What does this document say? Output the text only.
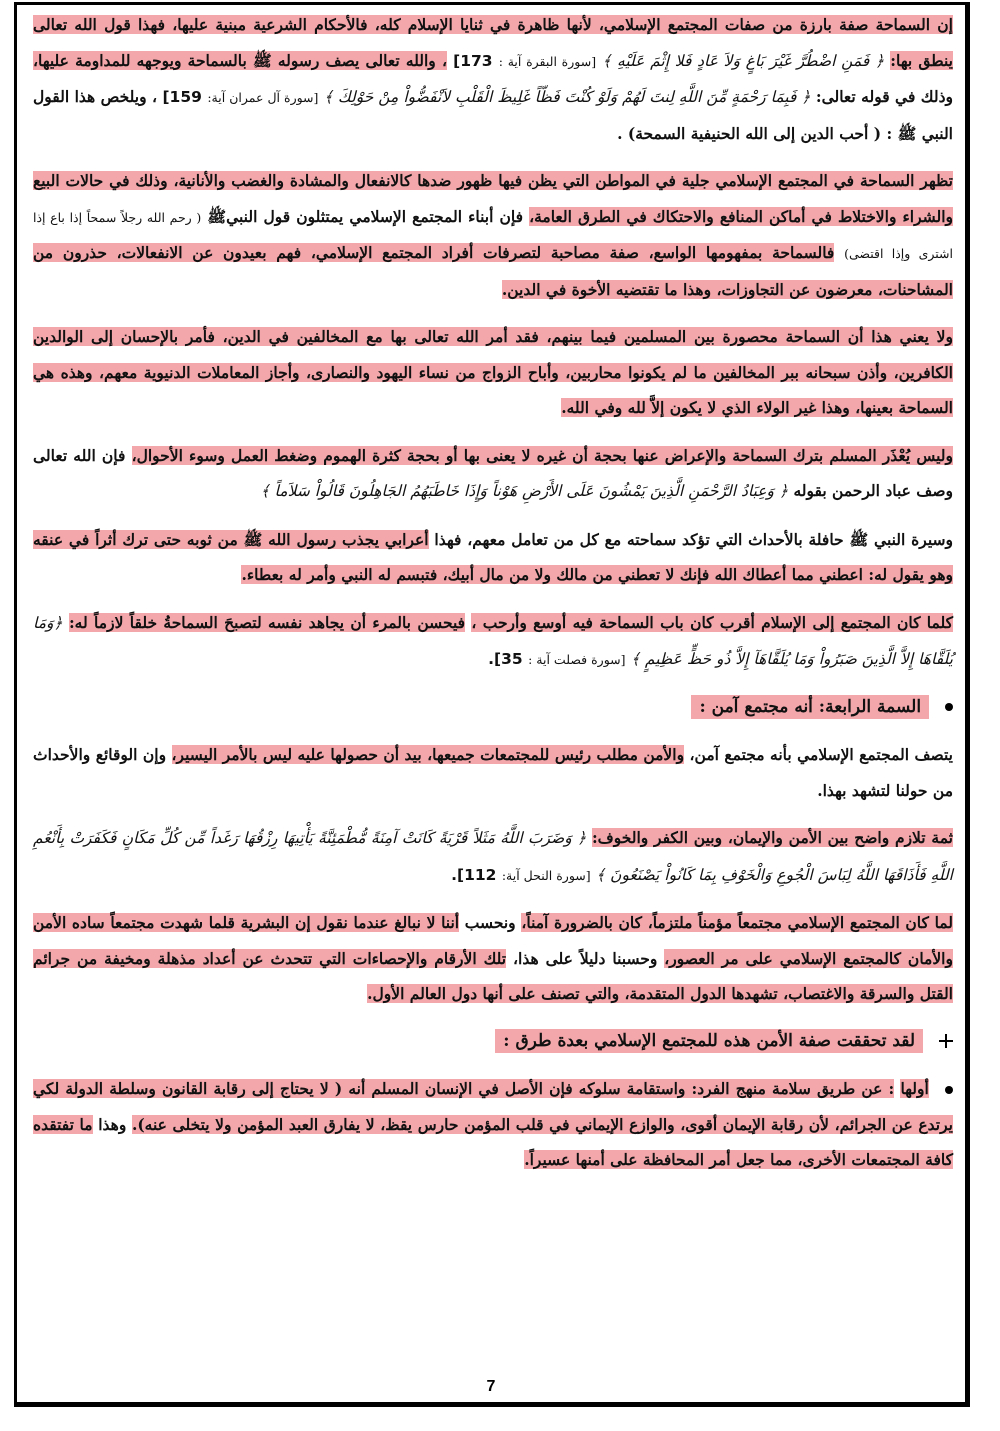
إن السماحة صفة بارزة من صفات المجتمع الإسلامي، لأنها ظاهرة في ثنايا الإسلام كله، فالأحكام الشرعية مبنية عليها، فهذا قول الله تعالى ينطق بها: ﴿ فَمَنِ اضْطُرَّ غَيْرَ بَاغٍ وَلاَ عَادٍ فَلا إِثْمَ عَلَيْهِ ﴾ [سورة البقرة آية : 173] ، والله تعالى يصف رسوله ﷺ بالسماحة ويوجهه للمداومة عليها، وذلك في قوله تعالى: ﴿ فَبِمَا رَحْمَةٍ مِّنَ اللَّهِ لِنتَ لَهُمْ وَلَوْ كُنْتَ فَظّاً غَلِيظَ الْقَلْبِ لاَنْفَضُّواْ مِنْ حَوْلِكَ ﴾ [سورة آل عمران آية: 159] ، ويلخص هذا القول النبي ﷺ : ( أحب الدين إلى الله الحنيفية السمحة) .

تظهر السماحة في المجتمع الإسلامي جلية في المواطن التي يظن فيها ظهور ضدها كالانفعال والمشادة والغضب والأنانية، وذلك في حالات البيع والشراء والاختلاط في أماكن المنافع والاحتكاك في الطرق العامة، فإن أبناء المجتمع الإسلامي يمتثلون قول النبيﷺ ( رحم الله رجلاً سمحاً إذا باع إذا اشترى وإذا اقتضى) فالسماحة بمفهومها الواسع، صفة مصاحبة لتصرفات أفراد المجتمع الإسلامي، فهم بعيدون عن الانفعالات، حذرون من المشاحنات، معرضون عن التجاوزات، وهذا ما تقتضيه الأخوة في الدين.

ولا يعني هذا أن السماحة محصورة بين المسلمين فيما بينهم، فقد أمر الله تعالى بها مع المخالفين في الدين، فأمر بالإحسان إلى الوالدين الكافرين، وأذن سبحانه ببر المخالفين ما لم يكونوا محاربين، وأباح الزواج من نساء اليهود والنصارى، وأجاز المعاملات الدنيوية معهم، وهذه هي السماحة بعينها، وهذا غير الولاء الذي لا يكون إلاَّ لله وفي الله.

وليس يُعْذَر المسلم بترك السماحة والإعراض عنها بحجة أن غيره لا يعنى بها أو بحجة كثرة الهموم وضغط العمل وسوء الأحوال، فإن الله تعالى وصف عباد الرحمن بقوله ﴿ وَعِبَادُ الرَّحْمَنِ الَّذِينَ يَمْشُونَ عَلَى الأَرْضِ هَوْناً وَإِذَا خَاطَبَهُمُ الجَاهِلُونَ قَالُواْ سَلاَماً ﴾

وسيرة النبي ﷺ حافلة بالأحداث التي تؤكد سماحته مع كل من تعامل معهم، فهذا أعرابي يجذب رسول الله ﷺ من ثوبه حتى ترك أثراً في عنقه وهو يقول له: اعطني مما أعطاك الله فإنك لا تعطني من مالك ولا من مال أبيك، فتبسم له النبي وأمر له بعطاء.

كلما كان المجتمع إلى الإسلام أقرب كان باب السماحة فيه أوسع وأرحب ، فيحسن بالمرء أن يجاهد نفسه لتصبحَ السماحةُ خلقاً لازماً له: ﴿وَمَا يُلَقَّاهَا إِلاَّ الَّذِينَ صَبَرُواْ وَمَا يُلَقَّاهَآ إِلاَّ ذُو حَظٍّ عَظِيمٍ ﴾ [سورة فصلت آية : 35].

السمة الرابعة: أنه مجتمع آمن :

يتصف المجتمع الإسلامي بأنه مجتمع آمن، والأمن مطلب رئيس للمجتمعات جميعها، بيد أن حصولها عليه ليس بالأمر اليسير، وإن الوقائع والأحداث من حولنا لتشهد بهذا.

ثمة تلازم واضح بين الأمن والإيمان، وبين الكفر والخوف: ﴿ وَضَرَبَ اللَّهُ مَثَلاً قَرْيَةً كَانَتْ آمِنَةً مُّطْمَئِنَّةً يَأْتِيهَا رِزْقُهَا رَغَداً مِّن كُلِّ مَكَانٍ فَكَفَرَتْ بِأَنْعُمِ اللَّهِ فَأَذَاقَهَا اللَّهُ لِبَاسَ الْجُوعِ وَالْخَوْفِ بِمَا كَانُواْ يَصْنَعُونَ ﴾ [سورة النحل آية: 112].

لما كان المجتمع الإسلامي مجتمعاً مؤمناً ملتزماً، كان بالضرورة آمناً، ونحسب أننا لا نبالغ عندما نقول إن البشرية قلما شهدت مجتمعاً ساده الأمن والأمان كالمجتمع الإسلامي على مر العصور، وحسبنا دليلاً على هذا، تلك الأرقام والإحصاءات التي تتحدث عن أعداد مذهلة ومخيفة من جرائم القتل والسرقة والاغتصاب، تشهدها الدول المتقدمة، والتي تصنف على أنها دول العالم الأول.

لقد تحققت صفة الأمن هذه للمجتمع الإسلامي بعدة طرق :

أولها : عن طريق سلامة منهج الفرد: واستقامة سلوكه فإن الأصل في الإنسان المسلم أنه ( لا يحتاج إلى رقابة القانون وسلطة الدولة لكي يرتدع عن الجرائم، لأن رقابة الإيمان أقوى، والوازع الإيماني في قلب المؤمن حارس يقظ، لا يفارق العبد المؤمن ولا يتخلى عنه). وهذا ما تفتقده كافة المجتمعات الأخرى، مما جعل أمر المحافظة على أمنها عسيراً.

7
